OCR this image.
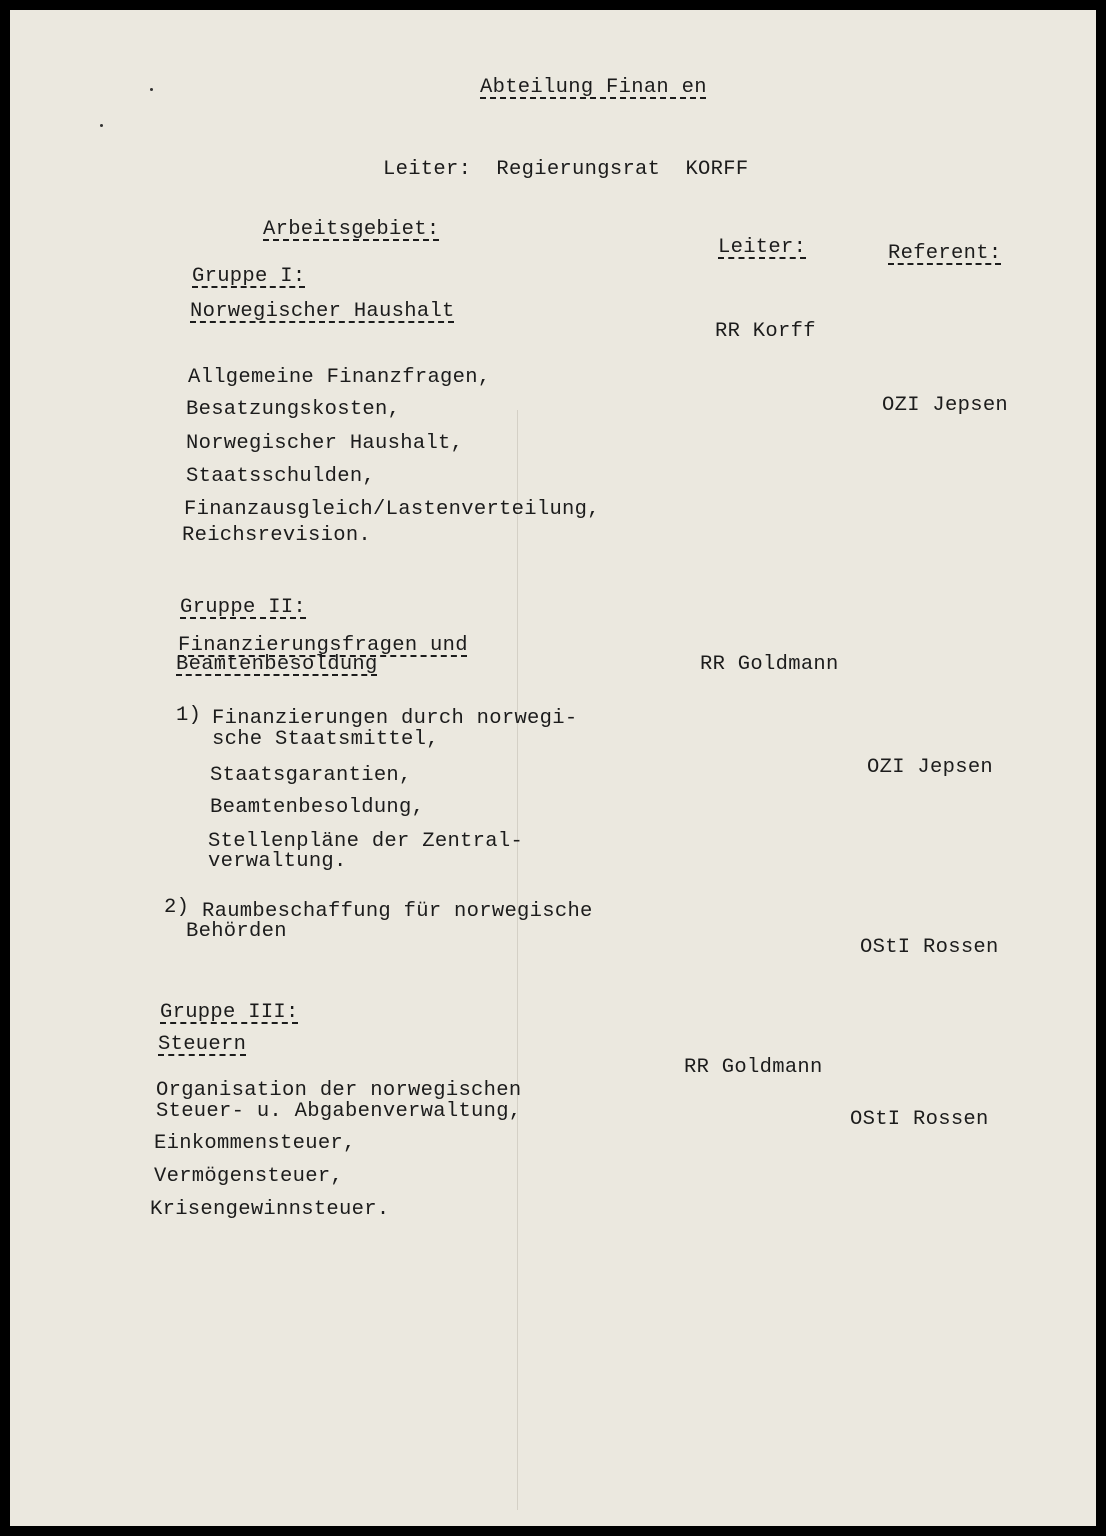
Abteilung Finan en
Leiter:  Regierungsrat  KORFF
Arbeitsgebiet:
Leiter:	Referent:
Gruppe I:
Norwegischer Haushalt
RR Korff
Allgemeine Finanzfragen,
Besatzungskosten,
Norwegischer Haushalt,
Staatsschulden,
Finanzausgleich/Lastenverteilung,
Reichsrevision.
OZI Jepsen
Gruppe II:
Finanzierungsfragen und
Beamtenbesoldung	RR Goldmann
1) Finanzierungen durch norwegi-
sche Staatsmittel,
Staatsgarantien,
Beamtenbesoldung,
Stellenpläne der Zentral-
verwaltung.
OZI Jepsen
2) Raumbeschaffung für norwegische
Behörden
OStI Rossen
Gruppe III:
Steuern
RR Goldmann
Organisation der norwegischen
Steuer- u. Abgabenverwaltung,
Einkommensteuer,
Vermögensteuer,
Krisengewinnsteuer.
OStI Rossen
